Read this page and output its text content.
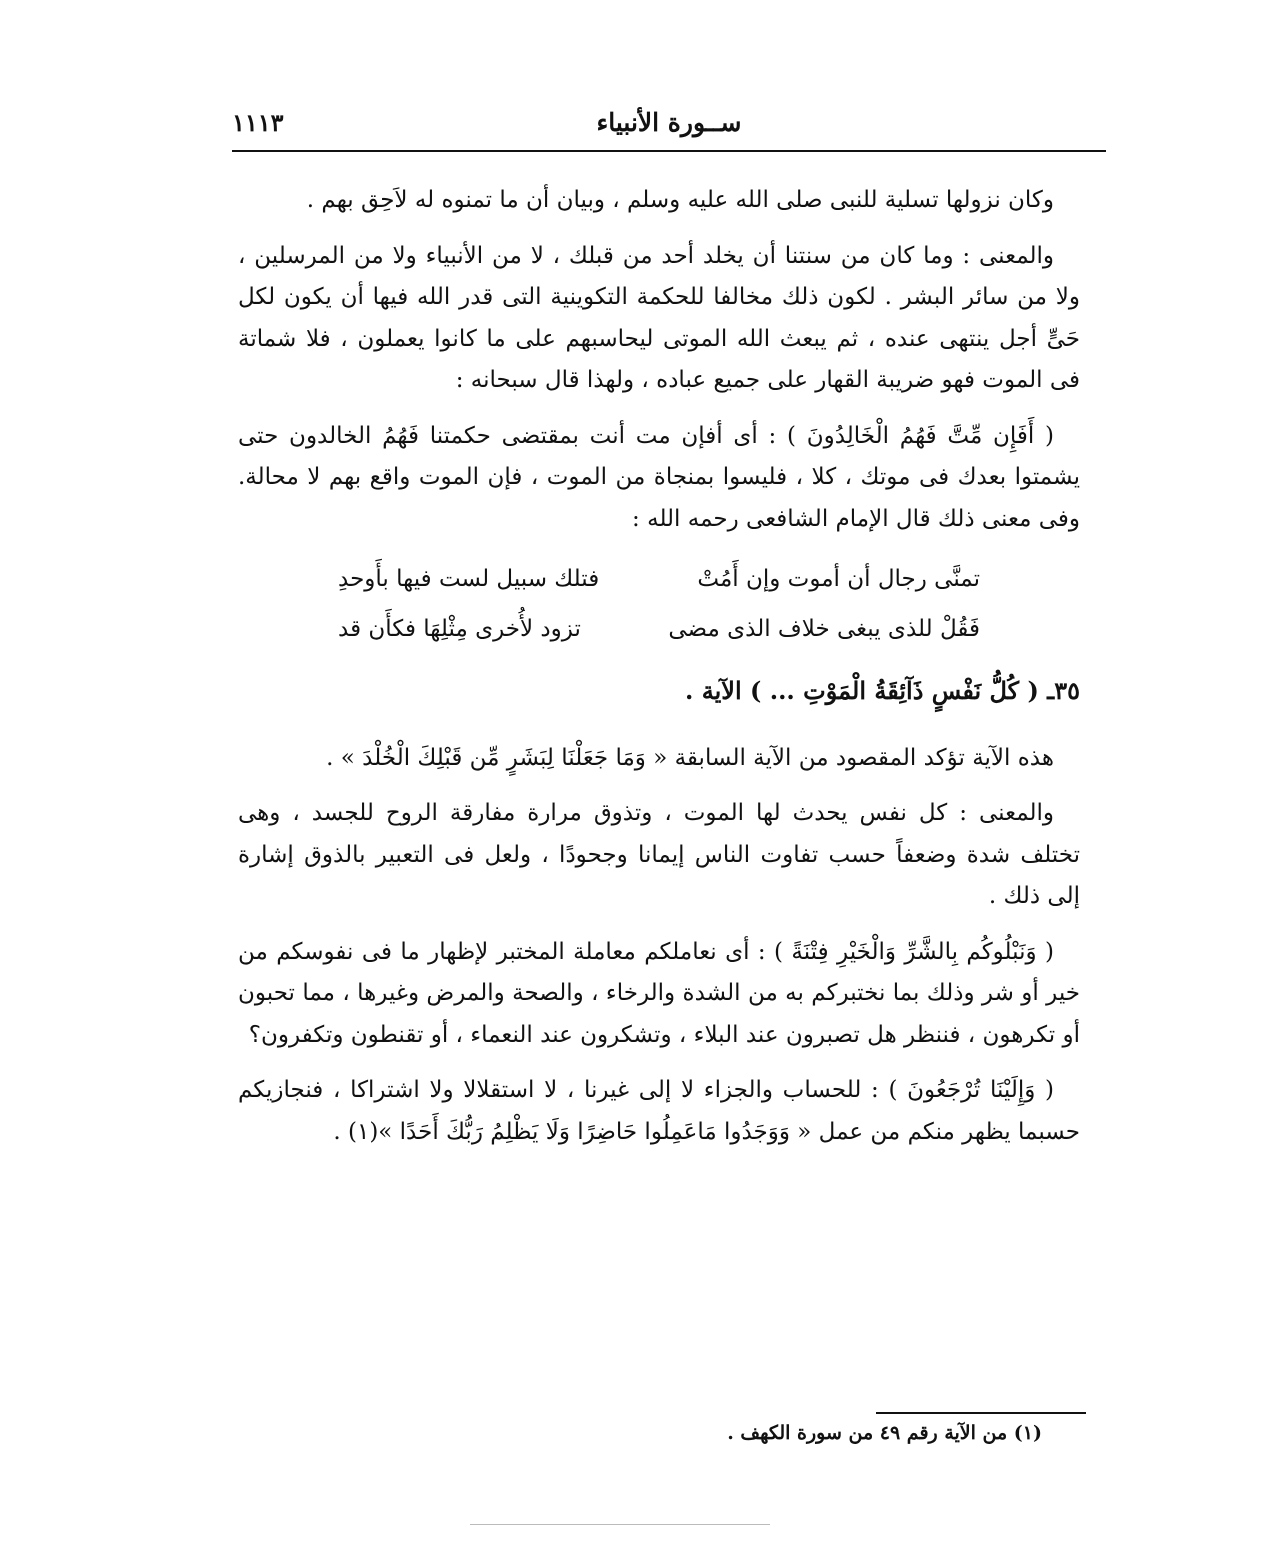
ســورة الأنبياء
١١١٣

وكان نزولها تسلية للنبى صلى الله عليه وسلم ، وبيان أن ما تمنوه له لاَحِق بهم .

والمعنى : وما كان من سنتنا أن يخلد أحد من قبلك ، لا من الأنبياء ولا من المرسلين ، ولا من سائر البشر . لكون ذلك مخالفا للحكمة التكوينية التى قدر الله فيها أن يكون لكل حَىٍّ أجل ينتهى عنده ، ثم يبعث الله الموتى ليحاسبهم على ما كانوا يعملون ، فلا شماتة فى الموت فهو ضريبة القهار على جميع عباده ، ولهذا قال سبحانه :

( أَفَإِن مِّتَّ فَهُمُ الْخَالِدُونَ ) : أى أفإن مت أنت بمقتضى حكمتنا فَهُمُ الخالدون حتى يشمتوا بعدك فى موتك ، كلا ، فليسوا بمنجاة من الموت ، فإن الموت واقع بهم لا محالة. وفى معنى ذلك قال الإمام الشافعى رحمه الله :

تمنَّى رجال أن أموت وإن أَمُتْ
فتلك سبيل لست فيها بأَوحدِ
فَقُلْ للذى يبغى خلاف الذى مضى
تزود لأُخرى مِثْلِهَا فكأَن قد
٣٥ـ ( كُلُّ نَفْسٍ ذَآئِقَةُ الْمَوْتِ ... ) الآية .

هذه الآية تؤكد المقصود من الآية السابقة « وَمَا جَعَلْنَا لِبَشَرٍ مِّن قَبْلِكَ الْخُلْدَ » .

والمعنى : كل نفس يحدث لها الموت ، وتذوق مرارة مفارقة الروح للجسد ، وهى تختلف شدة وضعفاً حسب تفاوت الناس إيمانا وجحودًا ، ولعل فى التعبير بالذوق إشارة إلى ذلك .

( وَنَبْلُوكُم بِالشَّرِّ وَالْخَيْرِ فِتْنَةً ) : أى نعاملكم معاملة المختبر لإظهار ما فى نفوسكم من خير أو شر وذلك بما نختبركم به من الشدة والرخاء ، والصحة والمرض وغيرها ، مما تحبون أو تكرهون ، فننظر هل تصبرون عند البلاء ، وتشكرون عند النعماء ، أو تقنطون وتكفرون؟

( وَإِلَيْنَا تُرْجَعُونَ ) : للحساب والجزاء لا إلى غيرنا ، لا استقلالا ولا اشتراكا ، فنجازيكم حسبما يظهر منكم من عمل « وَوَجَدُوا مَاعَمِلُوا حَاضِرًا وَلَا يَظْلِمُ رَبُّكَ أَحَدًا »(١) .

(١) من الآية رقم ٤٩ من سورة الكهف .
